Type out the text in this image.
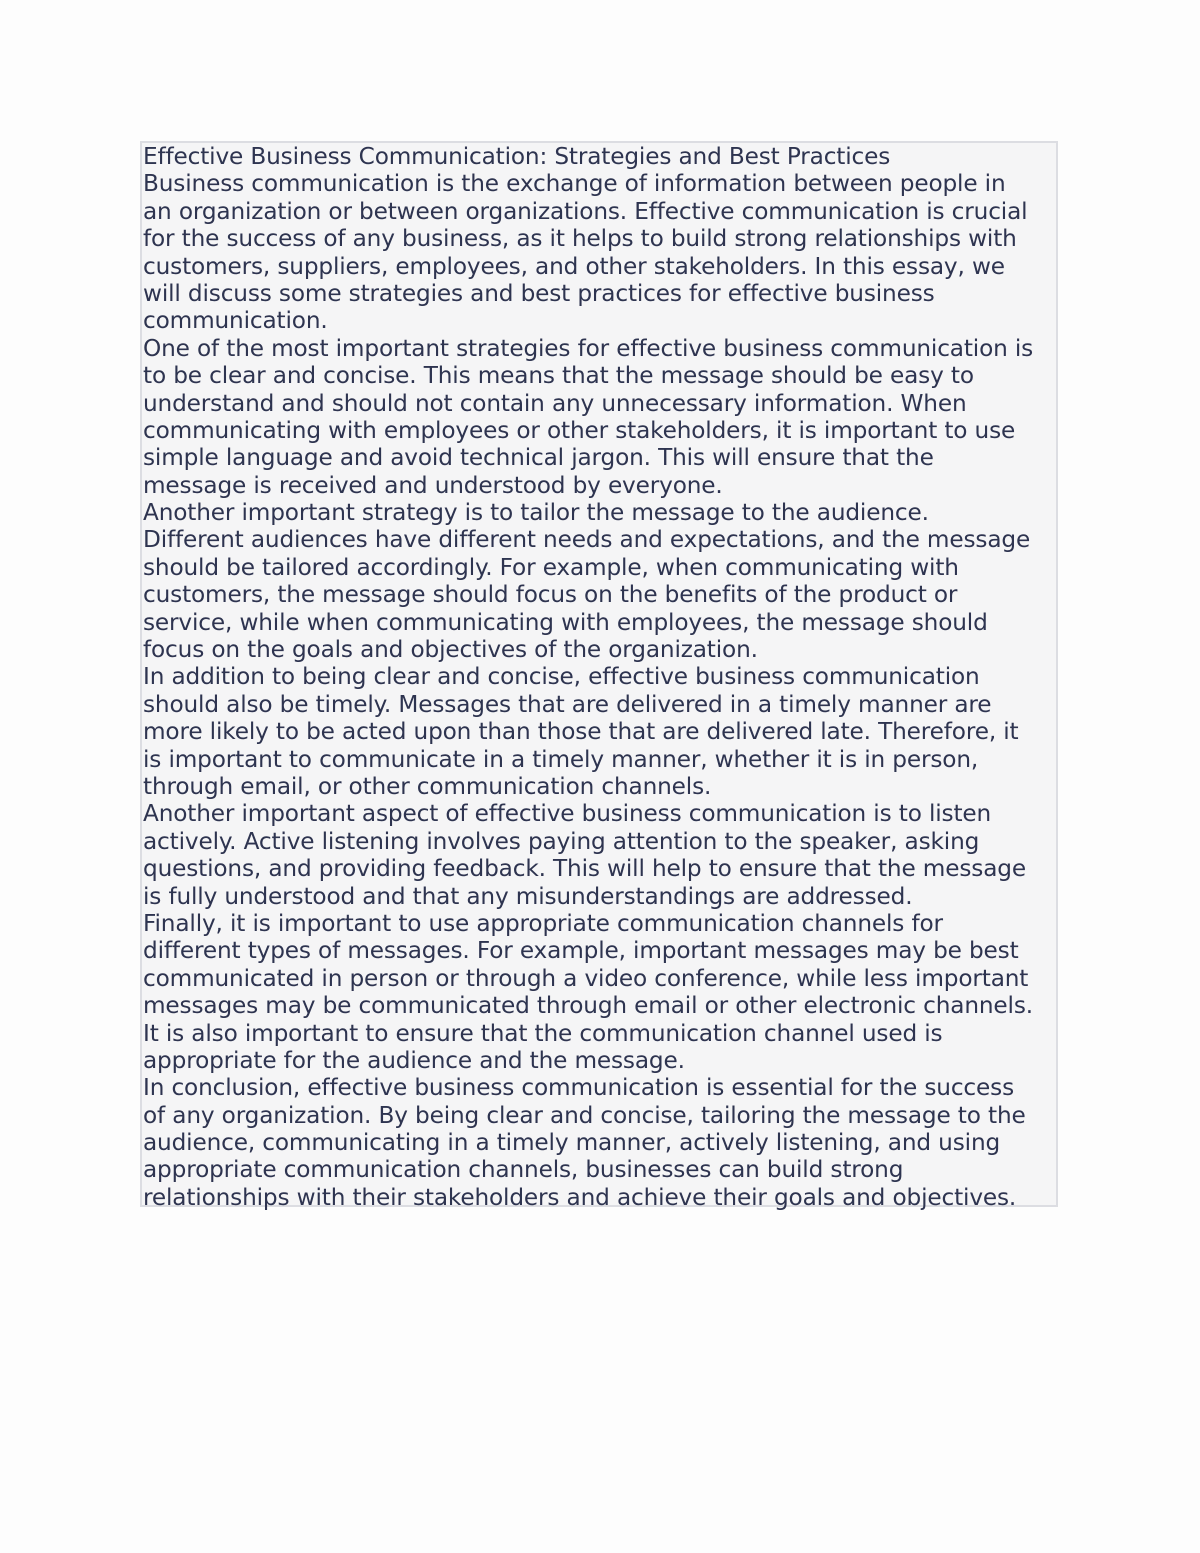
Effective Business Communication: Strategies and Best Practices
Business communication is the exchange of information between people in
an organization or between organizations. Effective communication is crucial
for the success of any business, as it helps to build strong relationships with
customers, suppliers, employees, and other stakeholders. In this essay, we
will discuss some strategies and best practices for effective business
communication.
One of the most important strategies for effective business communication is
to be clear and concise. This means that the message should be easy to
understand and should not contain any unnecessary information. When
communicating with employees or other stakeholders, it is important to use
simple language and avoid technical jargon. This will ensure that the
message is received and understood by everyone.
Another important strategy is to tailor the message to the audience.
Different audiences have different needs and expectations, and the message
should be tailored accordingly. For example, when communicating with
customers, the message should focus on the benefits of the product or
service, while when communicating with employees, the message should
focus on the goals and objectives of the organization.
In addition to being clear and concise, effective business communication
should also be timely. Messages that are delivered in a timely manner are
more likely to be acted upon than those that are delivered late. Therefore, it
is important to communicate in a timely manner, whether it is in person,
through email, or other communication channels.
Another important aspect of effective business communication is to listen
actively. Active listening involves paying attention to the speaker, asking
questions, and providing feedback. This will help to ensure that the message
is fully understood and that any misunderstandings are addressed.
Finally, it is important to use appropriate communication channels for
different types of messages. For example, important messages may be best
communicated in person or through a video conference, while less important
messages may be communicated through email or other electronic channels.
It is also important to ensure that the communication channel used is
appropriate for the audience and the message.
In conclusion, effective business communication is essential for the success
of any organization. By being clear and concise, tailoring the message to the
audience, communicating in a timely manner, actively listening, and using
appropriate communication channels, businesses can build strong
relationships with their stakeholders and achieve their goals and objectives.
